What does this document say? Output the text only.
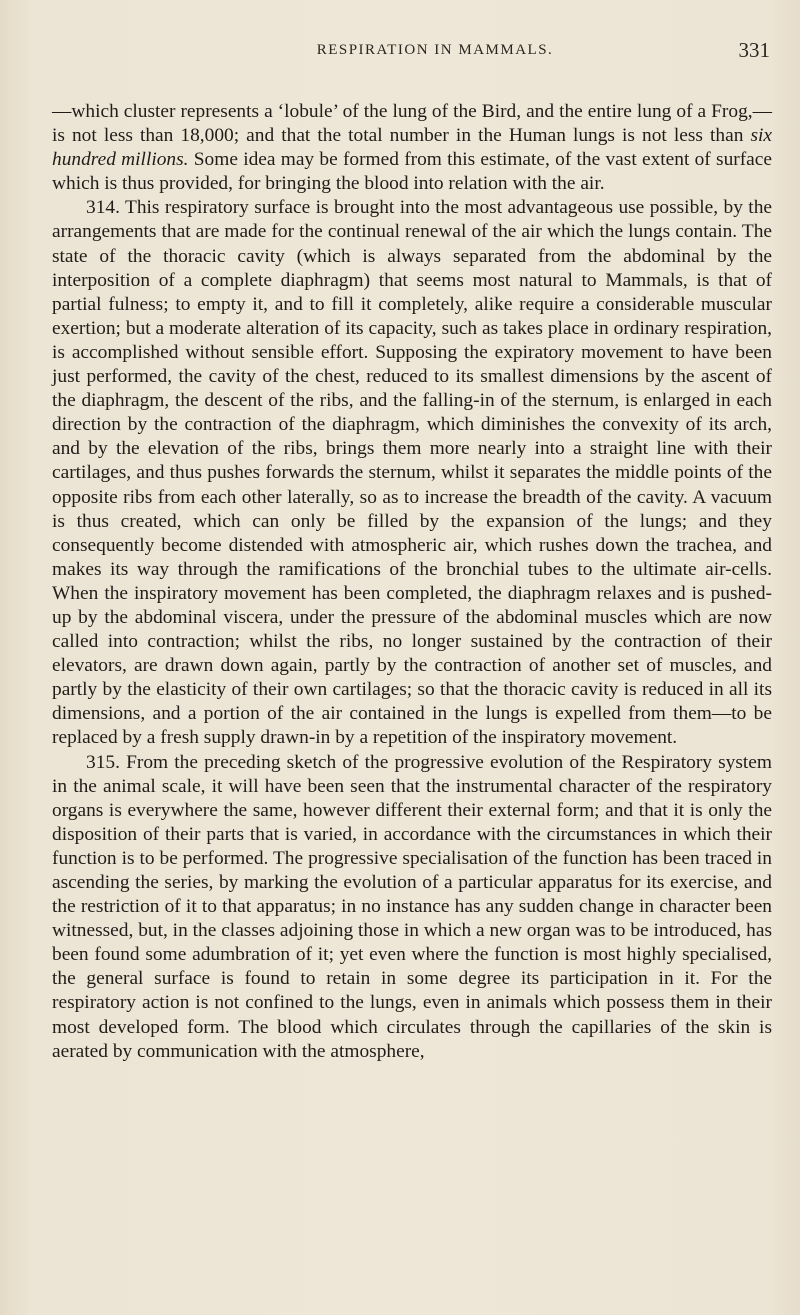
RESPIRATION IN MAMMALS.	331

—which cluster represents a ‘lobule’ of the lung of the Bird, and the entire lung of a Frog,—is not less than 18,000; and that the total number in the Human lungs is not less than six hundred millions. Some idea may be formed from this estimate, of the vast extent of surface which is thus provided, for bringing the blood into relation with the air.

314. This respiratory surface is brought into the most advantageous use possible, by the arrangements that are made for the continual renewal of the air which the lungs contain. The state of the thoracic cavity (which is always separated from the abdominal by the interposition of a complete diaphragm) that seems most natural to Mammals, is that of partial fulness; to empty it, and to fill it completely, alike require a considerable muscular exertion; but a moderate alteration of its capacity, such as takes place in ordinary respiration, is accomplished without sensible effort. Supposing the expiratory movement to have been just performed, the cavity of the chest, reduced to its smallest dimensions by the ascent of the diaphragm, the descent of the ribs, and the falling-in of the sternum, is enlarged in each direction by the contraction of the diaphragm, which diminishes the convexity of its arch, and by the elevation of the ribs, brings them more nearly into a straight line with their cartilages, and thus pushes forwards the sternum, whilst it separates the middle points of the opposite ribs from each other laterally, so as to increase the breadth of the cavity. A vacuum is thus created, which can only be filled by the expansion of the lungs; and they consequently become distended with atmospheric air, which rushes down the trachea, and makes its way through the ramifications of the bronchial tubes to the ultimate air-cells. When the inspiratory movement has been completed, the diaphragm relaxes and is pushed-up by the abdominal viscera, under the pressure of the abdominal muscles which are now called into contraction; whilst the ribs, no longer sustained by the contraction of their elevators, are drawn down again, partly by the contraction of another set of muscles, and partly by the elasticity of their own cartilages; so that the thoracic cavity is reduced in all its dimensions, and a portion of the air contained in the lungs is expelled from them—to be replaced by a fresh supply drawn-in by a repetition of the inspiratory movement.

315. From the preceding sketch of the progressive evolution of the Respiratory system in the animal scale, it will have been seen that the instrumental character of the respiratory organs is everywhere the same, however different their external form; and that it is only the disposition of their parts that is varied, in accordance with the circumstances in which their function is to be performed. The progressive specialisation of the function has been traced in ascending the series, by marking the evolution of a particular apparatus for its exercise, and the restriction of it to that apparatus; in no instance has any sudden change in character been witnessed, but, in the classes adjoining those in which a new organ was to be introduced, has been found some adumbration of it; yet even where the function is most highly specialised, the general surface is found to retain in some degree its participation in it. For the respiratory action is not confined to the lungs, even in animals which possess them in their most developed form. The blood which circulates through the capillaries of the skin is aerated by communication with the atmosphere,
